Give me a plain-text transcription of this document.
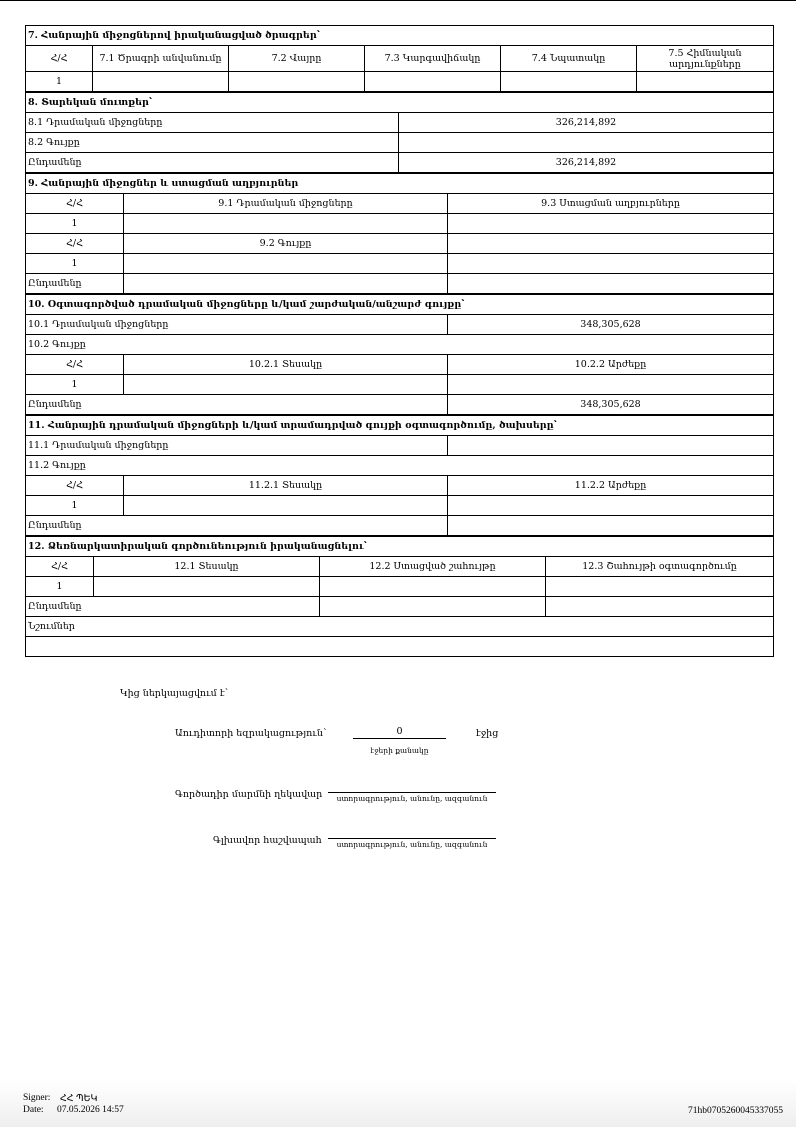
7. Հանրային միջոցներով իրականացված ծրագրեր՝					
Հ/Հ	7.1 Ծրագրի անվանումը	7.2 Վայրը	7.3 Կարգավիճակը	7.4 Նպատակը	7.5 Հիմնական արդյունքները
1					
8. Տարեկան մուտքեր՝	
8.1 Դրամական միջոցները	326,214,892
8.2 Գույքը	
Ընդամենը	326,214,892
9. Հանրային միջոցներ և ստացման աղբյուրներ		
Հ/Հ	9.1 Դրամական միջոցները	9.3 Ստացման աղբյուրները
1		
Հ/Հ	9.2 Գույքը	
1		
Ընդամենը		
10. Օգտագործված դրամական միջոցները և/կամ շարժական/անշարժ գույքը՝		
10.1 Դրամական միջոցները		348,305,628
10.2 Գույքը		
Հ/Հ	10.2.1 Տեսակը	10.2.2 Արժեքը
1		
Ընդամենը		348,305,628
11. Հանրային դրամական միջոցների և/կամ տրամադրված գույքի օգտագործումը, ծախսերը՝		
11.1 Դրամական միջոցները		
11.2 Գույքը		
Հ/Հ	11.2.1 Տեսակը	11.2.2 Արժեքը
1		
Ընդամենը		
12. Ձեռնարկատիրական գործունեություն իրականացնելու՝			
Հ/Հ	12.1 Տեսակը	12.2 Ստացված շահույթը	12.3 Շահույթի օգտագործումը
1			
Ընդամենը			
Նշումներ			

Կից ներկայացվում է՝
Աուդիտորի եզրակացություն՝	0	էջից
էջերի քանակը
Գործադիր մարմնի ղեկավար	ստորագրություն, անունը, ազգանուն
Գլխավոր հաշվապահ	ստորագրություն, անունը, ազգանուն
Signer: ՀՀ ՊԵԿ
Date: 07.05.2026 14:57	71hb0705260045337055
